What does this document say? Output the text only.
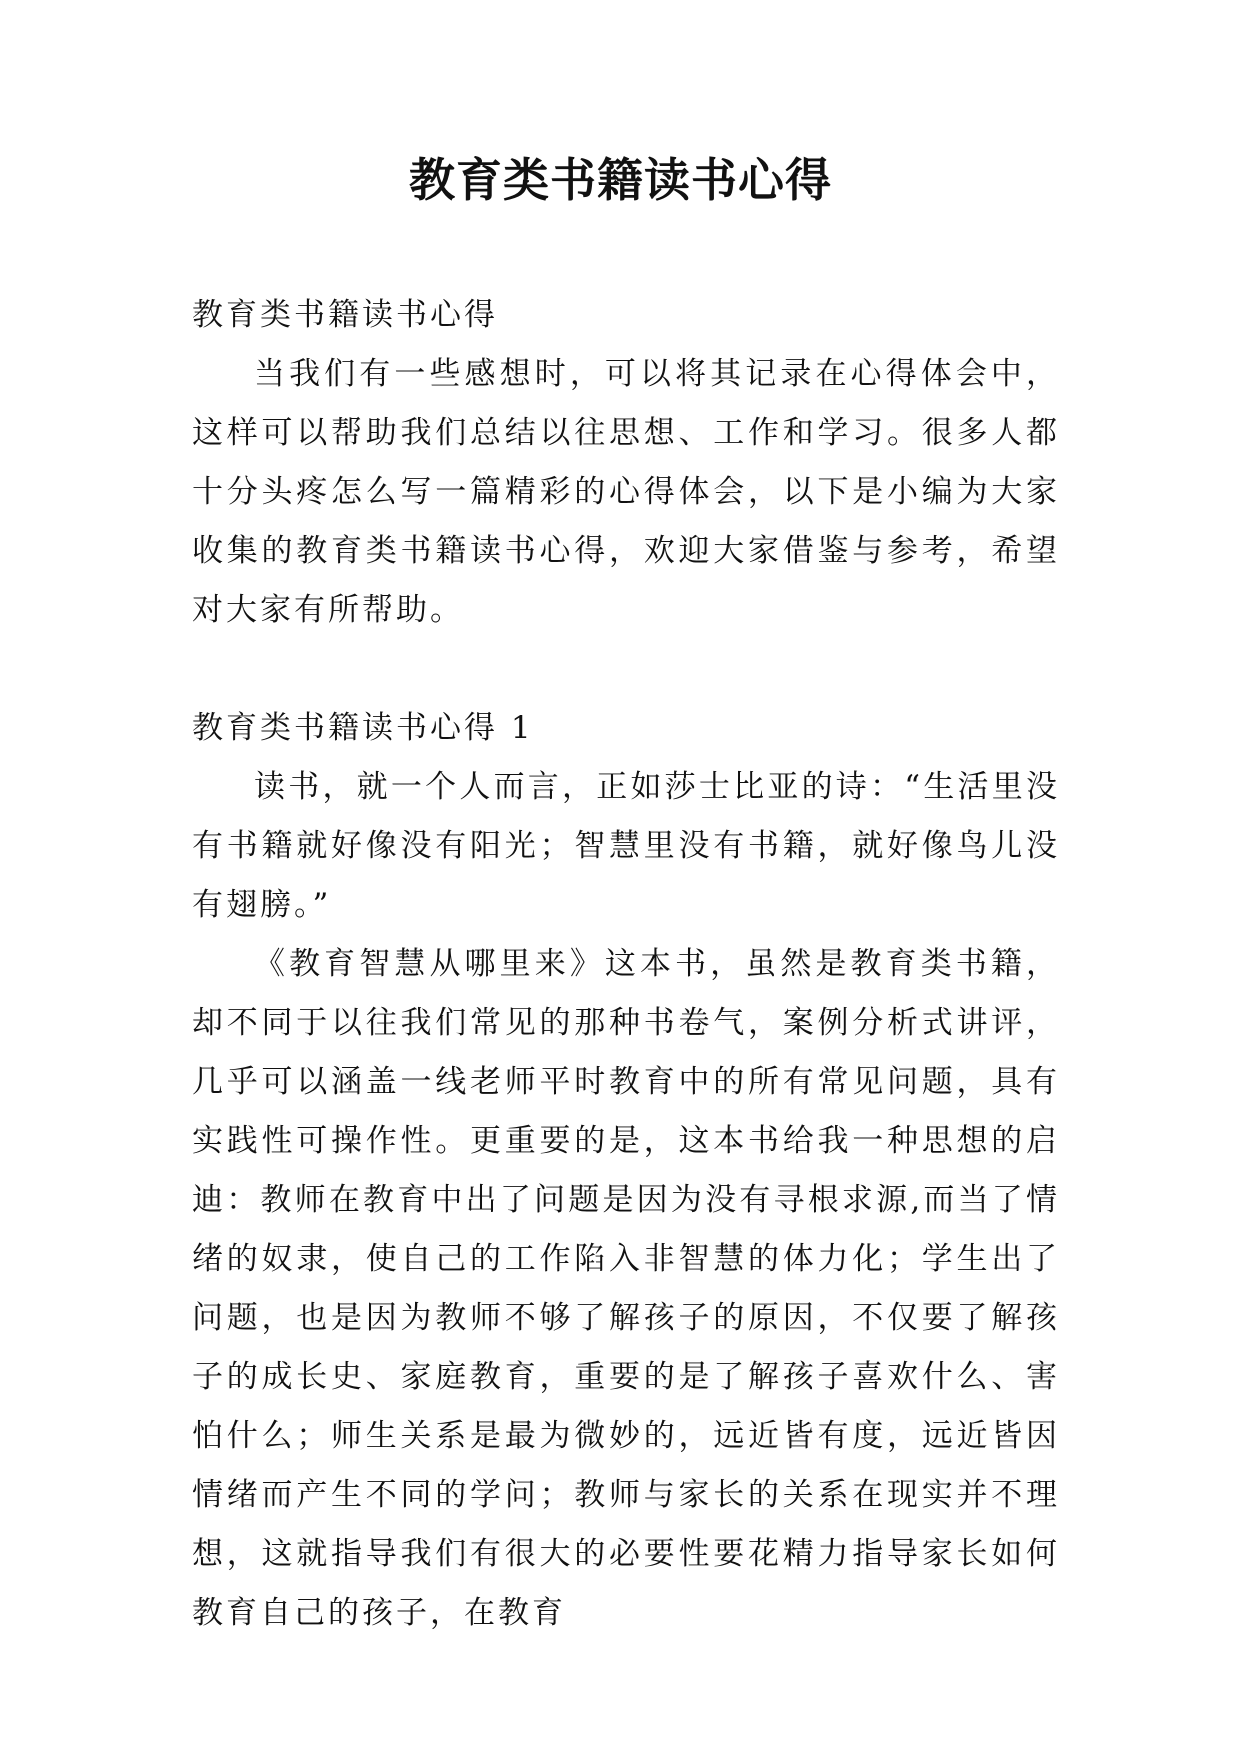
教育类书籍读书心得

教育类书籍读书心得

当我们有一些感想时，可以将其记录在心得体会中，这样可以帮助我们总结以往思想、工作和学习。很多人都十分头疼怎么写一篇精彩的心得体会，以下是小编为大家收集的教育类书籍读书心得，欢迎大家借鉴与参考，希望对大家有所帮助。

教育类书籍读书心得 1

读书，就一个人而言，正如莎士比亚的诗：“生活里没有书籍就好像没有阳光；智慧里没有书籍，就好像鸟儿没有翅膀。”

《教育智慧从哪里来》这本书，虽然是教育类书籍，却不同于以往我们常见的那种书卷气，案例分析式讲评，几乎可以涵盖一线老师平时教育中的所有常见问题，具有实践性可操作性。更重要的是，这本书给我一种思想的启迪：教师在教育中出了问题是因为没有寻根求源,而当了情绪的奴隶，使自己的工作陷入非智慧的体力化；学生出了问题，也是因为教师不够了解孩子的原因，不仅要了解孩子的成长史、家庭教育，重要的是了解孩子喜欢什么、害怕什么；师生关系是最为微妙的，远近皆有度，远近皆因情绪而产生不同的学问；教师与家长的关系在现实并不理想，这就指导我们有很大的必要性要花精力指导家长如何教育自己的孩子，在教育
